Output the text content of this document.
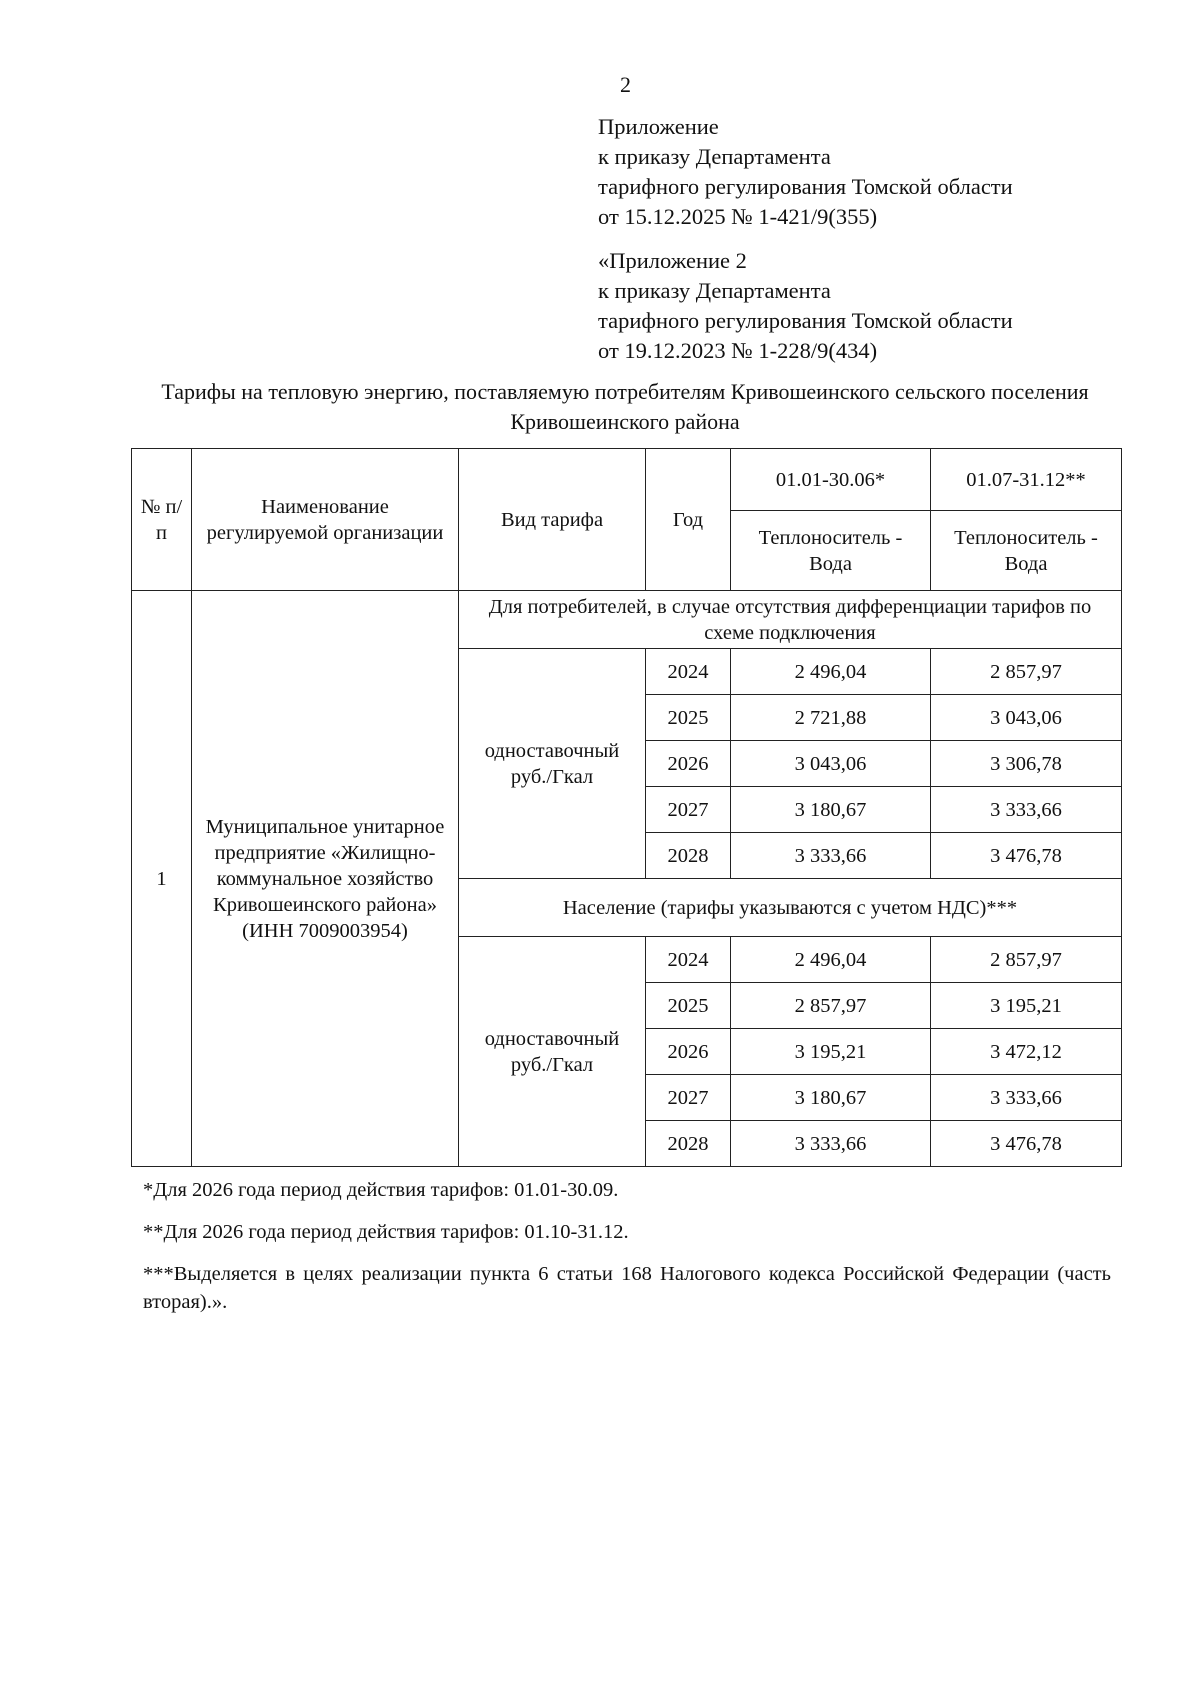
2
Приложение
к приказу Департамента
тарифного регулирования Томской области
от 15.12.2025 № 1-421/9(355)
«Приложение 2
к приказу Департамента
тарифного регулирования Томской области
от 19.12.2023 № 1-228/9(434)
Тарифы на тепловую энергию, поставляемую потребителям Кривошеинского сельского поселения Кривошеинского района
№ п/п	Наименование регулируемой организации	Вид тарифа	Год	01.01-30.06*	01.07-31.12**
				Теплоноситель - Вода	Теплоноситель - Вода
1	Муниципальное унитарное предприятие «Жилищно-коммунальное хозяйство Кривошеинского района» (ИНН 7009003954)	Для потребителей, в случае отсутствия дифференциации тарифов по схеме подключения			
		одноставочный руб./Гкал	2024	2 496,04	2 857,97
			2025	2 721,88	3 043,06
			2026	3 043,06	3 306,78
			2027	3 180,67	3 333,66
			2028	3 333,66	3 476,78
		Население (тарифы указываются с учетом НДС)***			
		одноставочный руб./Гкал	2024	2 496,04	2 857,97
			2025	2 857,97	3 195,21
			2026	3 195,21	3 472,12
			2027	3 180,67	3 333,66
			2028	3 333,66	3 476,78

*Для 2026 года период действия тарифов: 01.01-30.09.

**Для 2026 года период действия тарифов: 01.10-31.12.

***Выделяется в целях реализации пункта 6 статьи 168 Налогового кодекса Российской Федерации (часть вторая).».
